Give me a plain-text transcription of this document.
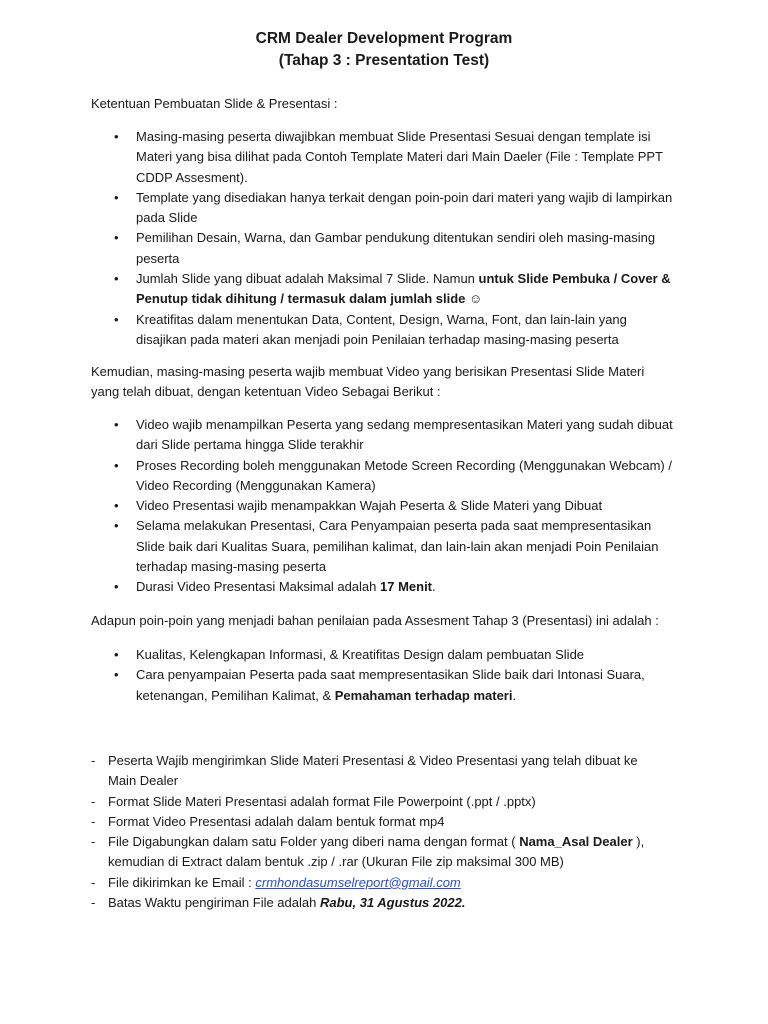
CRM Dealer Development Program
(Tahap 3 : Presentation Test)

Ketentuan Pembuatan Slide & Presentasi :

• Masing-masing peserta diwajibkan membuat Slide Presentasi Sesuai dengan template isi Materi yang bisa dilihat pada Contoh Template Materi dari Main Daeler (File : Template PPT CDDP Assesment).
• Template yang disediakan hanya terkait dengan poin-poin dari materi yang wajib di lampirkan pada Slide
• Pemilihan Desain, Warna, dan Gambar pendukung ditentukan sendiri oleh masing-masing peserta
• Jumlah Slide yang dibuat adalah Maksimal 7 Slide. Namun untuk Slide Pembuka / Cover & Penutup tidak dihitung / termasuk dalam jumlah slide ☺
• Kreatifitas dalam menentukan Data, Content, Design, Warna, Font, dan lain-lain yang disajikan pada materi akan menjadi poin Penilaian terhadap masing-masing peserta

Kemudian, masing-masing peserta wajib membuat Video yang berisikan Presentasi Slide Materi yang telah dibuat, dengan ketentuan Video Sebagai Berikut :

• Video wajib menampilkan Peserta yang sedang mempresentasikan Materi yang sudah dibuat dari Slide pertama hingga Slide terakhir
• Proses Recording boleh menggunakan Metode Screen Recording (Menggunakan Webcam) / Video Recording (Menggunakan Kamera)
• Video Presentasi wajib menampakkan Wajah Peserta & Slide Materi yang Dibuat
• Selama melakukan Presentasi, Cara Penyampaian peserta pada saat mempresentasikan Slide baik dari Kualitas Suara, pemilihan kalimat, dan lain-lain akan menjadi Poin Penilaian terhadap masing-masing peserta
• Durasi Video Presentasi Maksimal adalah 17 Menit.

Adapun poin-poin yang menjadi bahan penilaian pada Assesment Tahap 3 (Presentasi) ini adalah :

• Kualitas, Kelengkapan Informasi, & Kreatifitas Design dalam pembuatan Slide
• Cara penyampaian Peserta pada saat mempresentasikan Slide baik dari Intonasi Suara, ketenangan, Pemilihan Kalimat, & Pemahaman terhadap materi.
- Peserta Wajib mengirimkan Slide Materi Presentasi & Video Presentasi yang telah dibuat ke Main Dealer
- Format Slide Materi Presentasi adalah format File Powerpoint (.ppt / .pptx)
- Format Video Presentasi adalah dalam bentuk format mp4
- File Digabungkan dalam satu Folder yang diberi nama dengan format ( Nama_Asal Dealer ), kemudian di Extract dalam bentuk .zip / .rar (Ukuran File zip maksimal 300 MB)
- File dikirimkan ke Email : crmhondasumselreport@gmail.com
- Batas Waktu pengiriman File adalah Rabu, 31 Agustus 2022.
